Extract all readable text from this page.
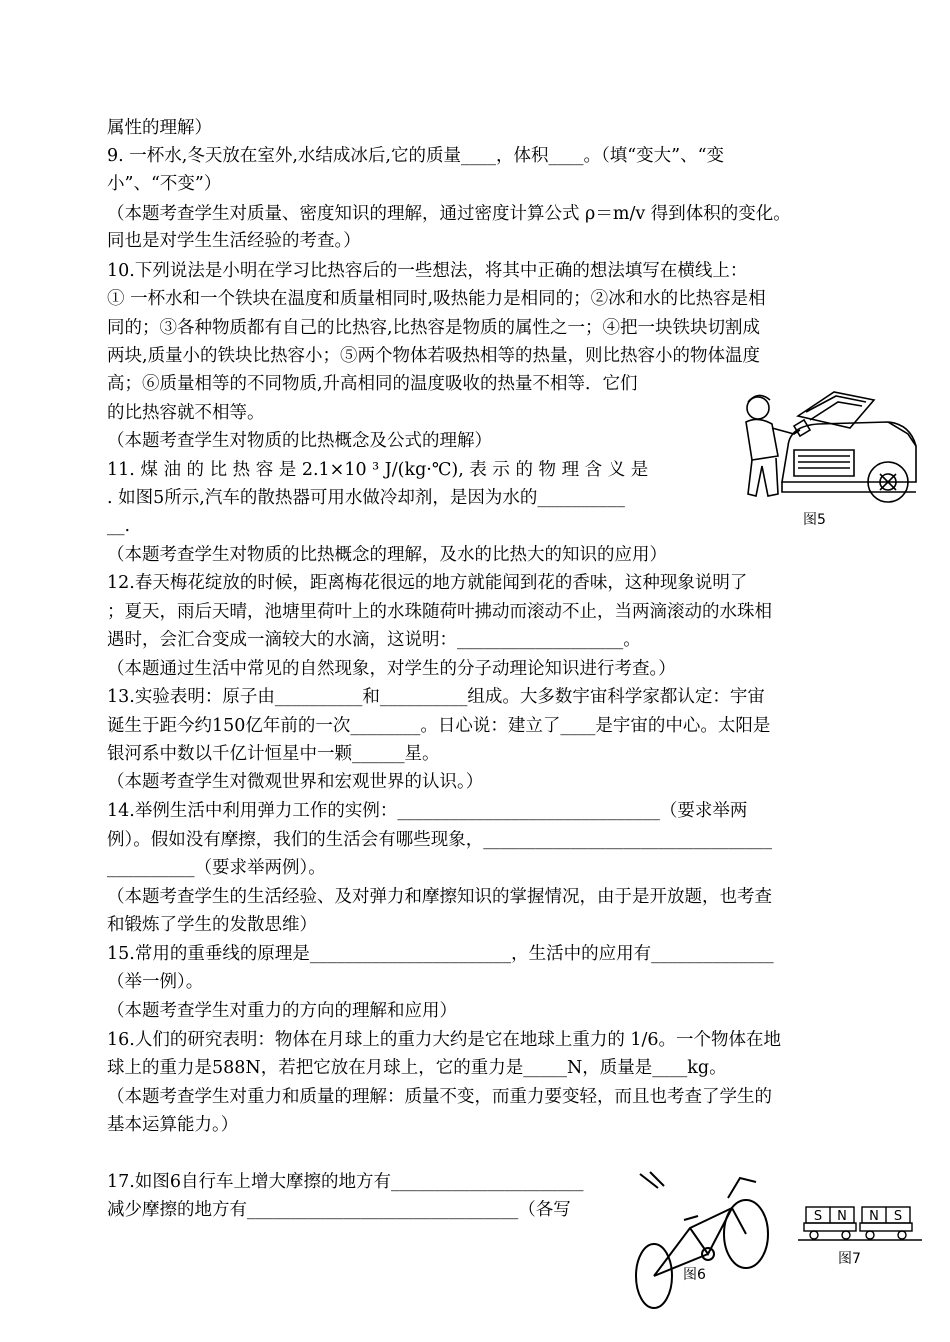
属性的理解）
9. 一杯水,冬天放在室外,水结成冰后,它的质量____，体积____。（填“变大”、“变
小”、“不变”）
（本题考查学生对质量、密度知识的理解，通过密度计算公式 ρ＝m/v 得到体积的变化。
同也是对学生生活经验的考查。）
10.下列说法是小明在学习比热容后的一些想法，将其中正确的想法填写在横线上：
① 一杯水和一个铁块在温度和质量相同时,吸热能力是相同的；②冰和水的比热容是相
同的；③各种物质都有自己的比热容,比热容是物质的属性之一；④把一块铁块切割成
两块,质量小的铁块比热容小；⑤两个物体若吸热相等的热量，则比热容小的物体温度
高；⑥质量相等的不同物质,升高相同的温度吸收的热量不相等．它们
的比热容就不相等。
（本题考查学生对物质的比热概念及公式的理解）
11. 煤 油 的 比 热 容 是 2.1×10 ³ J/(kg·℃), 表 示 的 物 理 含 义 是
. 如图5所示,汽车的散热器可用水做冷却剂，是因为水的__________
__.
（本题考查学生对物质的比热概念的理解，及水的比热大的知识的应用）
12.春天梅花绽放的时候，距离梅花很远的地方就能闻到花的香味，这种现象说明了
；夏天，雨后天晴，池塘里荷叶上的水珠随荷叶拂动而滚动不止，当两滴滚动的水珠相
遇时，会汇合变成一滴较大的水滴，这说明：___________________。
（本题通过生活中常见的自然现象，对学生的分子动理论知识进行考查。）
13.实验表明：原子由__________和__________组成。大多数宇宙科学家都认定：宇宙
诞生于距今约150亿年前的一次________。日心说：建立了____是宇宙的中心。太阳是
银河系中数以千亿计恒星中一颗______星。
（本题考查学生对微观世界和宏观世界的认识。）
14.举例生活中利用弹力工作的实例：______________________________（要求举两
例）。假如没有摩擦，我们的生活会有哪些现象，_________________________________
__________（要求举两例）。
（本题考查学生的生活经验、及对弹力和摩擦知识的掌握情况，由于是开放题，也考查
和锻炼了学生的发散思维）
15.常用的重垂线的原理是_______________________，生活中的应用有______________
（举一例）。
（本题考查学生对重力的方向的理解和应用）
16.人们的研究表明：物体在月球上的重力大约是它在地球上重力的 1/6。一个物体在地
球上的重力是588N，若把它放在月球上，它的重力是_____N，质量是____kg。
（本题考查学生对重力和质量的理解：质量不变，而重力要变轻，而且也考查了学生的
基本运算能力。）
17.如图6自行车上增大摩擦的地方有______________________
减少摩擦的地方有_______________________________（各写
图5
图6
S N N S
图7
